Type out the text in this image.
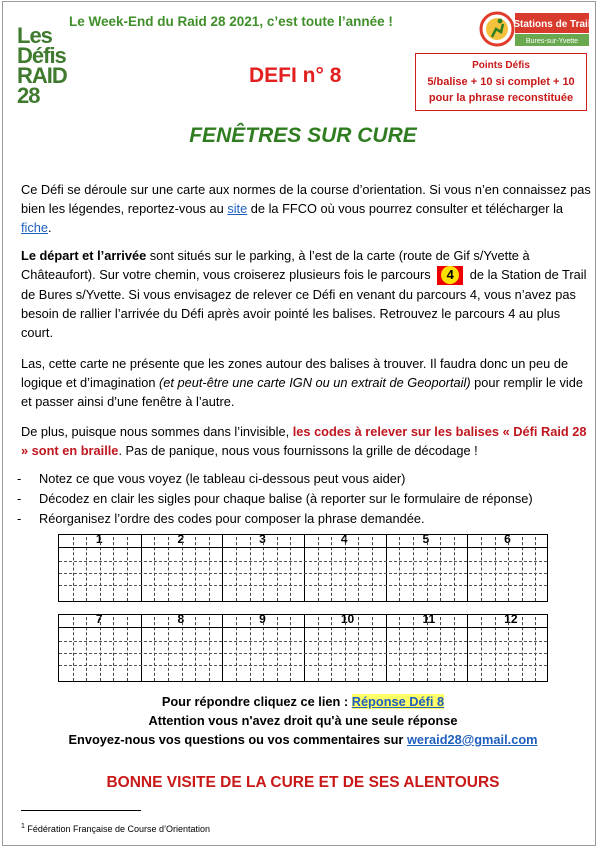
Les
Défis
RAID
28
Le Week-End du Raid 28 2021, c’est toute l’année !	Stations de Trail
Bures-sur-Yvette
DEFI n° 8	Points Défis
5/balise + 10 si complet + 10
pour la phrase reconstituée
FENÊTRES SUR CURE

Ce Défi se déroule sur une carte aux normes de la course d’orientation. Si vous n’en connaissez pas bien les légendes, reportez-vous au site de la FFCO où vous pourrez consulter et télécharger la fiche.

Le départ et l’arrivée sont situés sur le parking, à l’est de la carte (route de Gif s/Yvette à Châteaufort). Sur votre chemin, vous croiserez plusieurs fois le parcours 4 de la Station de Trail de Bures s/Yvette. Si vous envisagez de relever ce Défi en venant du parcours 4, vous n’avez pas besoin de rallier l’arrivée du Défi après avoir pointé les balises. Retrouvez le parcours 4 au plus court.

Las, cette carte ne présente que les zones autour des balises à trouver. Il faudra donc un peu de logique et d’imagination (et peut-être une carte IGN ou un extrait de Geoportail) pour remplir le vide et passer ainsi d’une fenêtre à l’autre.

De plus, puisque nous sommes dans l’invisible, les codes à relever sur les balises « Défi Raid 28 » sont en braille. Pas de panique, nous vous fournissons la grille de décodage !

- Notez ce que vous voyez (le tableau ci-dessous peut vous aider)
- Décodez en clair les sigles pour chaque balise (à reporter sur le formulaire de réponse)
- Réorganisez l’ordre des codes pour composer la phrase demandée.
1	2	3	4	5	6
7	8	9	10	11	12
Pour répondre cliquez ce lien : Réponse Défi 8
Attention vous n'avez droit qu'à une seule réponse
Envoyez-nous vos questions ou vos commentaires sur weraid28@gmail.com
BONNE VISITE DE LA CURE ET DE SES ALENTOURS
$^1$ Fédération Française de Course d’Orientation
